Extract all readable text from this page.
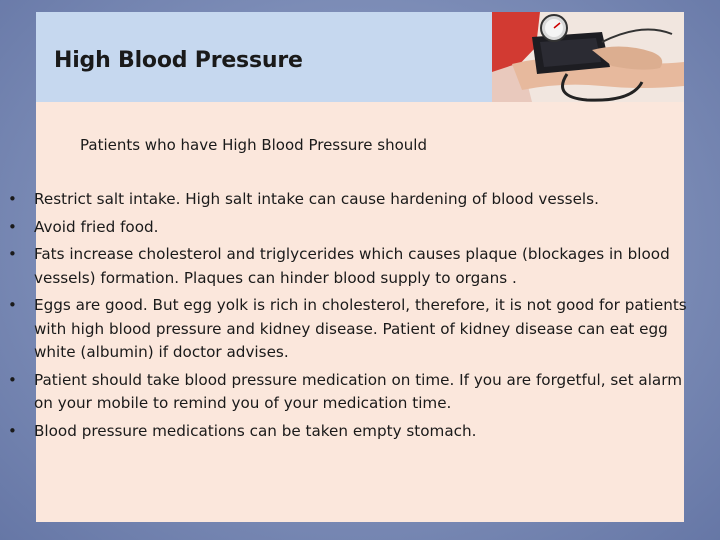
High Blood Pressure
Patients who have High Blood Pressure should
• Restrict salt intake. High salt intake can cause hardening of blood vessels.
• Avoid fried food.
• Fats increase cholesterol and triglycerides which causes plaque (blockages in blood vessels) formation. Plaques can hinder blood supply to organs .
• Eggs are good. But egg yolk is rich in cholesterol, therefore, it is not good for patients with high blood pressure and kidney disease. Patient of kidney disease can eat egg white (albumin) if doctor advises.
• Patient should take blood pressure medication on time. If you are forgetful, set alarm on your mobile to remind you of your medication time.
• Blood pressure medications can be taken empty stomach.
